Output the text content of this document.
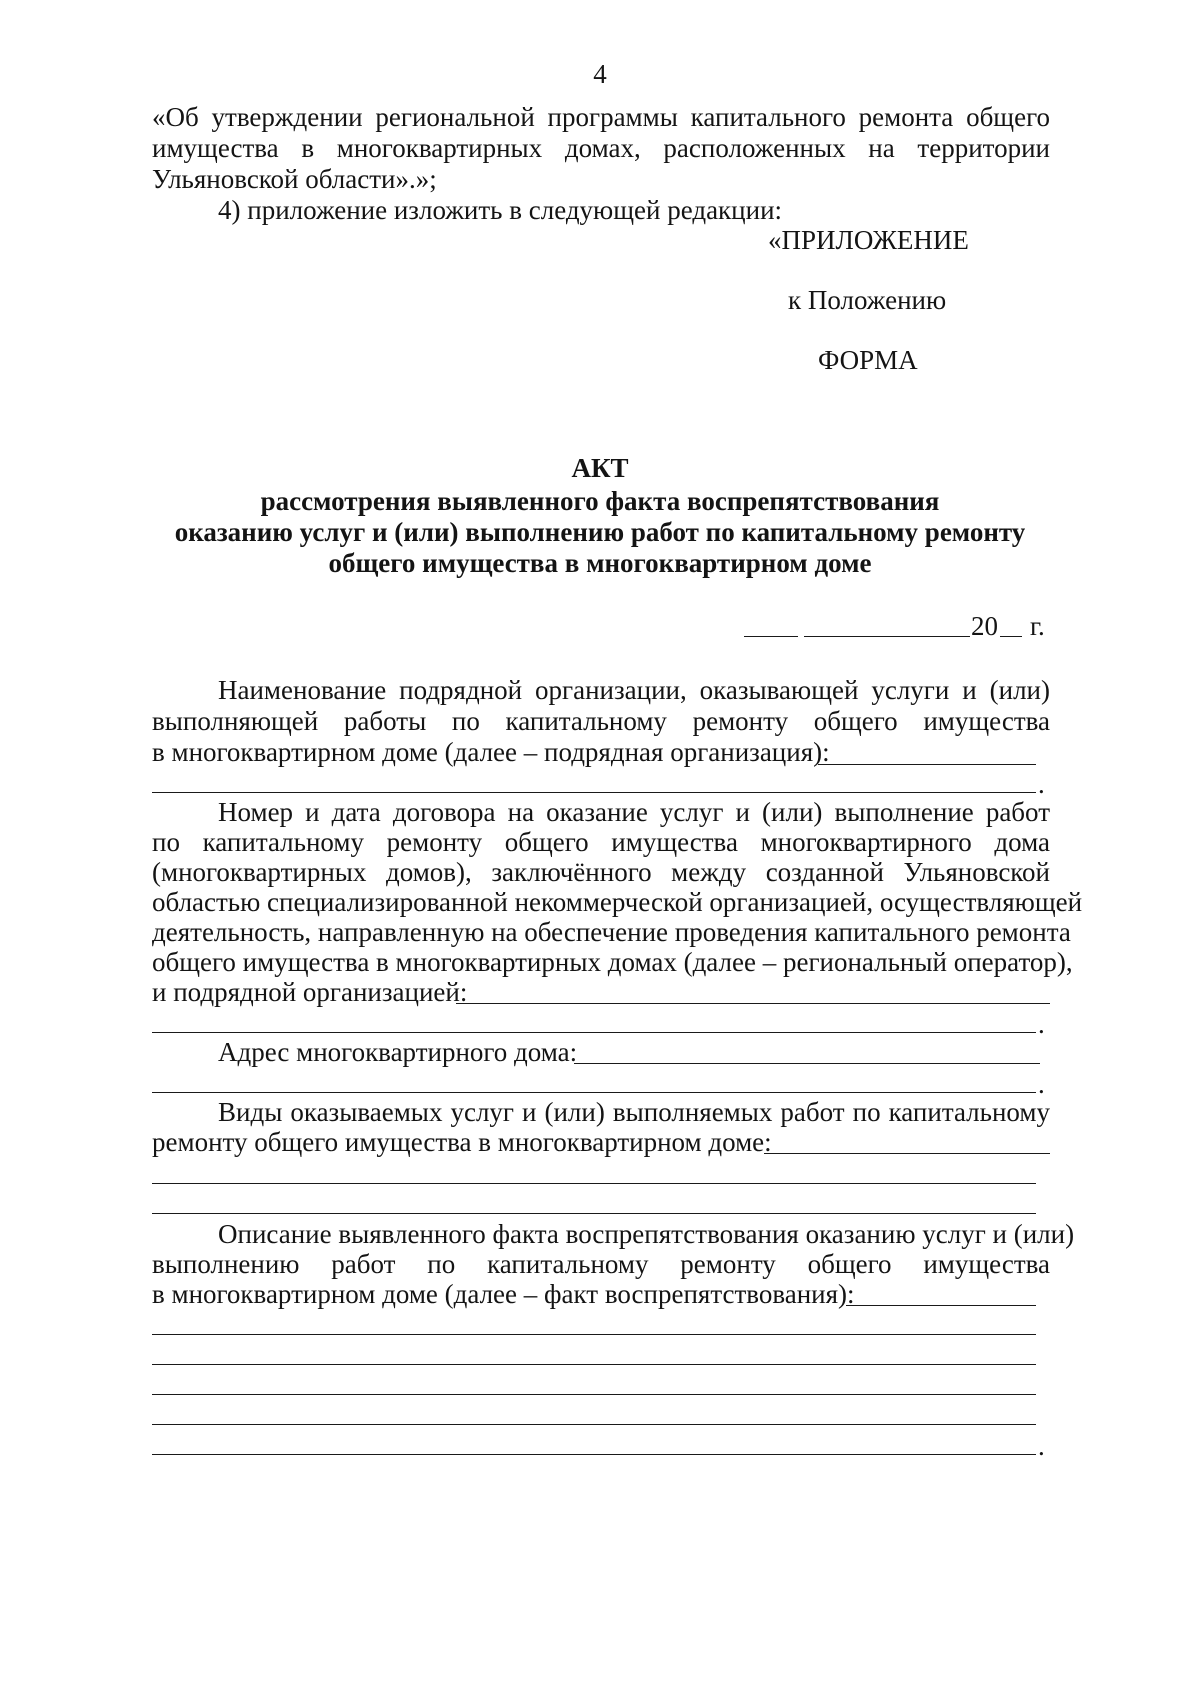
4
«Об утверждении региональной программы капитального ремонта общего
имущества в многоквартирных домах, расположенных на территории
Ульяновской области».»;
4) приложение изложить в следующей редакции:
«ПРИЛОЖЕНИЕ
к Положению
ФОРМА
АКТ
рассмотрения выявленного факта воспрепятствования
оказанию услуг и (или) выполнению работ по капитальному ремонту
общего имущества в многоквартирном доме
20 г.
Наименование подрядной организации, оказывающей услуги и (или)
выполняющей работы по капитальному ремонту общего имущества
в многоквартирном доме (далее – подрядная организация):
.
Номер и дата договора на оказание услуг и (или) выполнение работ
по капитальному ремонту общего имущества многоквартирного дома
(многоквартирных домов), заключённого между созданной Ульяновской
областью специализированной некоммерческой организацией, осуществляющей
деятельность, направленную на обеспечение проведения капитального ремонта
общего имущества в многоквартирных домах (далее – региональный оператор),
и подрядной организацией:
.
Адрес многоквартирного дома:
.
Виды оказываемых услуг и (или) выполняемых работ по капитальному
ремонту общего имущества в многоквартирном доме:
Описание выявленного факта воспрепятствования оказанию услуг и (или)
выполнению работ по капитальному ремонту общего имущества
в многоквартирном доме (далее – факт воспрепятствования):
.
